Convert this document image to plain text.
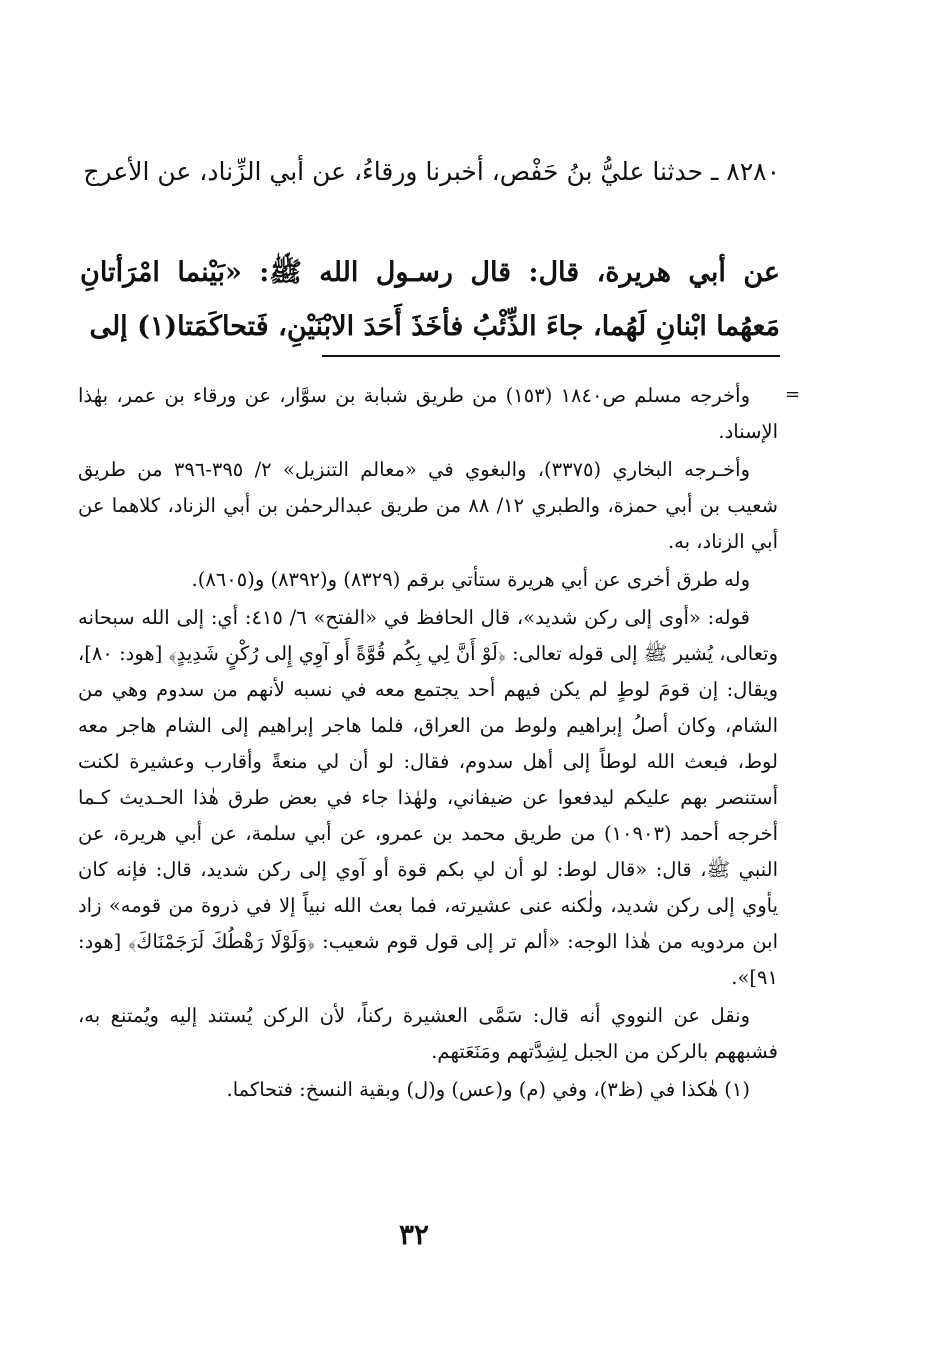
٨٢٨٠ ـ حدثنا عليُّ بنُ حَفْص، أخبرنا ورقاءُ، عن أبي الزِّناد، عن الأعرج
عن أبي هريرة، قال: قال رسـول الله ﷺ: «بَيْنما امْرَأتانِ مَعهُما ابْنانِ لَهُما، جاءَ الذِّئْبُ فأخَذَ أَحَدَ الابْنَيْنِ، فَتحاكَمَتا(١) إلى
=

وأخرجه مسلم ص١٨٤٠ (١٥٣) من طريق شبابة بن سوَّار، عن ورقاء بن عمر، بهٰذا الإسناد.

وأخـرجه البخاري (٣٣٧٥)، والبغوي في «معالم التنزيل» ٢/ ٣٩٥-٣٩٦ من طريق شعيب بن أبي حمزة، والطبري ١٢/ ٨٨ من طريق عبدالرحمٰن بن أبي الزناد، كلاهما عن أبي الزناد، به.

وله طرق أخرى عن أبي هريرة ستأتي برقم (٨٣٢٩) و(٨٣٩٢) و(٨٦٠٥).

قوله: «أوى إلى ركن شديد»، قال الحافظ في «الفتح» ٦/ ٤١٥: أي: إلى الله سبحانه وتعالى، يُشير ﷺ إلى قوله تعالى: ﴿لَوْ أَنَّ لِي بِكُم قُوَّةً أَو آوِي إِلى رُكْنٍ شَدِيدٍ﴾ [هود: ٨٠]، ويقال: إن قومَ لوطٍ لم يكن فيهم أحد يجتمع معه في نسبه لأنهم من سدوم وهي من الشام، وكان أصلُ إبراهيم ولوط من العراق، فلما هاجر إبراهيم إلى الشام هاجر معه لوط، فبعث الله لوطاً إلى أهل سدوم، فقال: لو أن لي منعةً وأقارب وعشيرة لكنت أستنصر بهم عليكم ليدفعوا عن ضيفاني، ولهٰذا جاء في بعض طرق هٰذا الحـديث كـما أخرجه أحمد (١٠٩٠٣) من طريق محمد بن عمرو، عن أبي سلمة، عن أبي هريرة، عن النبي ﷺ، قال: «قال لوط: لو أن لي بكم قوة أو آوي إلى ركن شديد، قال: فإنه كان يأوي إلى ركن شديد، ولٰكنه عنى عشيرته، فما بعث الله نبياً إلا في ذروة من قومه» زاد ابن مردويه من هٰذا الوجه: «ألم تر إلى قول قوم شعيب: ﴿وَلَوْلَا رَهْطُكَ لَرَجَمْنَاكَ﴾ [هود: ٩١]».

ونقل عن النووي أنه قال: سَمَّى العشيرة ركناً، لأن الركن يُستند إليه ويُمتنع به، فشبههم بالركن من الجبل لِشِدَّتهم ومَنَعَتهم.

(١) هٰكذا في (ظ٣)، وفي (م) و(عس) و(ل) وبقية النسخ: فتحاكما.

٣٢
